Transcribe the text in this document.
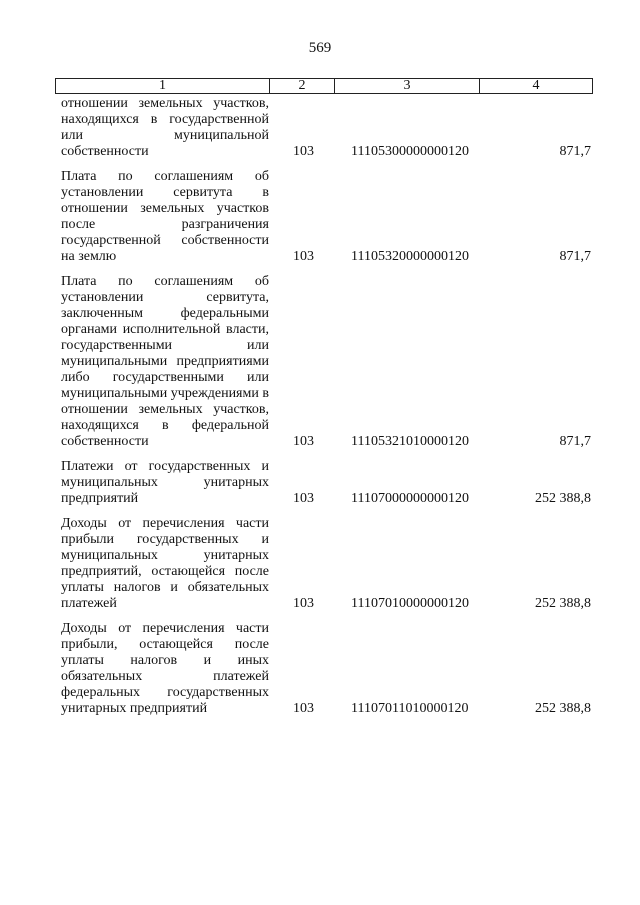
569
1	2	3	4
отношении земельных участков, находящихся в государственной или муниципальной собственности	103	11105300000000120	871,7
Плата по соглашениям об установлении сервитута в отношении земельных участков после разграничения государственной собственности на землю	103	11105320000000120	871,7
Плата по соглашениям об установлении сервитута, заключенным федеральными органами исполнительной власти, государственными или муниципальными предприятиями либо государственными или муниципальными учреждениями в отношении земельных участков, находящихся в федеральной собственности	103	11105321010000120	871,7
Платежи от государственных и муниципальных унитарных предприятий	103	11107000000000120	252 388,8
Доходы от перечисления части прибыли государственных и муниципальных унитарных предприятий, остающейся после уплаты налогов и обязательных платежей	103	11107010000000120	252 388,8
Доходы от перечисления части прибыли, остающейся после уплаты налогов и иных обязательных платежей федеральных государственных унитарных предприятий	103	11107011010000120	252 388,8
